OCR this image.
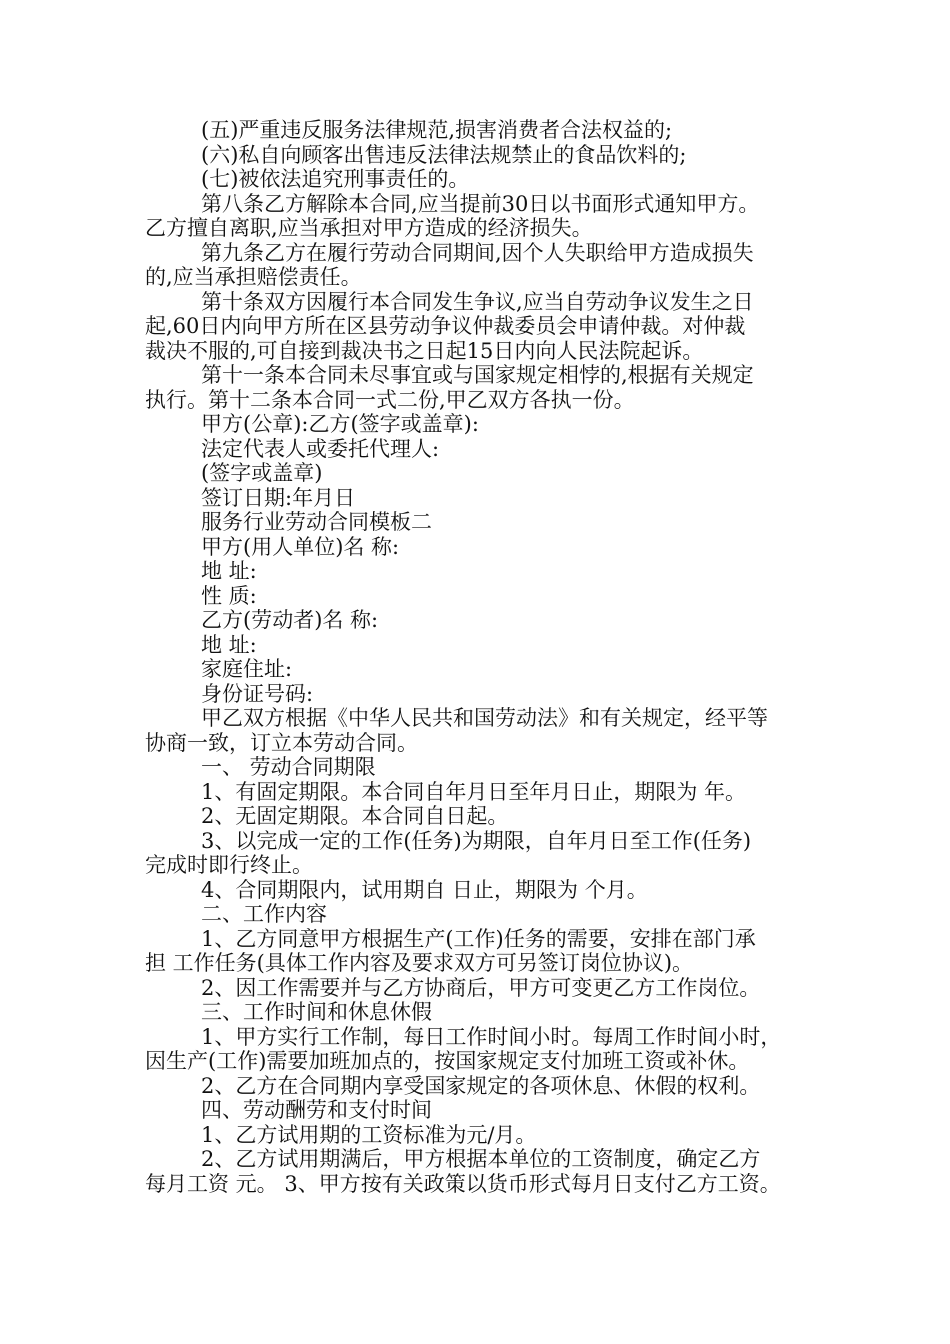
(五)严重违反服务法律规范,损害消费者合法权益的;
(六)私自向顾客出售违反法律法规禁止的食品饮料的;
(七)被依法追究刑事责任的。
第八条乙方解除本合同,应当提前30日以书面形式通知甲方。
乙方擅自离职,应当承担对甲方造成的经济损失。
第九条乙方在履行劳动合同期间,因个人失职给甲方造成损失
的,应当承担赔偿责任。
第十条双方因履行本合同发生争议,应当自劳动争议发生之日
起,60日内向甲方所在区县劳动争议仲裁委员会申请仲裁。对仲裁
裁决不服的,可自接到裁决书之日起15日内向人民法院起诉。
第十一条本合同未尽事宜或与国家规定相悖的,根据有关规定
执行。第十二条本合同一式二份,甲乙双方各执一份。
甲方(公章):乙方(签字或盖章):
法定代表人或委托代理人:
(签字或盖章)
签订日期:年月日
服务行业劳动合同模板二
甲方(用人单位)名 称:
地 址:
性 质:
乙方(劳动者)名 称:
地 址:
家庭住址:
身份证号码:
甲乙双方根据《中华人民共和国劳动法》和有关规定，经平等
协商一致，订立本劳动合同。
一、 劳动合同期限
1、有固定期限。本合同自年月日至年月日止，期限为 年。
2、无固定期限。本合同自日起。
3、以完成一定的工作(任务)为期限，自年月日至工作(任务)
完成时即行终止。
4、合同期限内，试用期自 日止，期限为 个月。
二、工作内容
1、乙方同意甲方根据生产(工作)任务的需要，安排在部门承
担 工作任务(具体工作内容及要求双方可另签订岗位协议)。
2、因工作需要并与乙方协商后，甲方可变更乙方工作岗位。
三、工作时间和休息休假
1、甲方实行工作制，每日工作时间小时。每周工作时间小时，
因生产(工作)需要加班加点的，按国家规定支付加班工资或补休。
2、乙方在合同期内享受国家规定的各项休息、休假的权利。
四、劳动酬劳和支付时间
1、乙方试用期的工资标准为元/月。
2、乙方试用期满后，甲方根据本单位的工资制度，确定乙方
每月工资 元。 3、甲方按有关政策以货币形式每月日支付乙方工资。
